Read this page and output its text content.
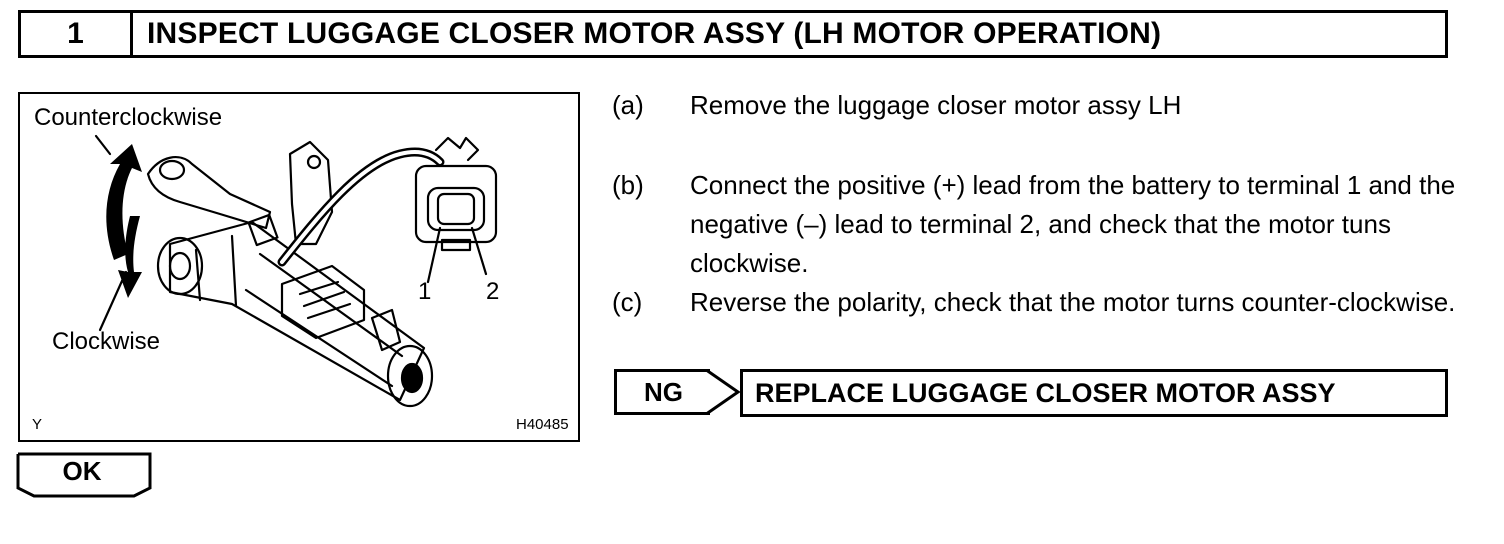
1	INSPECT LUGGAGE CLOSER MOTOR ASSY (LH MOTOR OPERATION)
Counterclockwise
Clockwise
1 2
Y	H40485
(a)	Remove the luggage closer motor assy LH
(b)	Connect the positive (+) lead from the battery to terminal 1 and the negative (–) lead to terminal 2, and check that the motor tuns clockwise.
(c)	Reverse the polarity, check that the motor turns counter-clockwise.
NG	REPLACE LUGGAGE CLOSER MOTOR ASSY
OK
